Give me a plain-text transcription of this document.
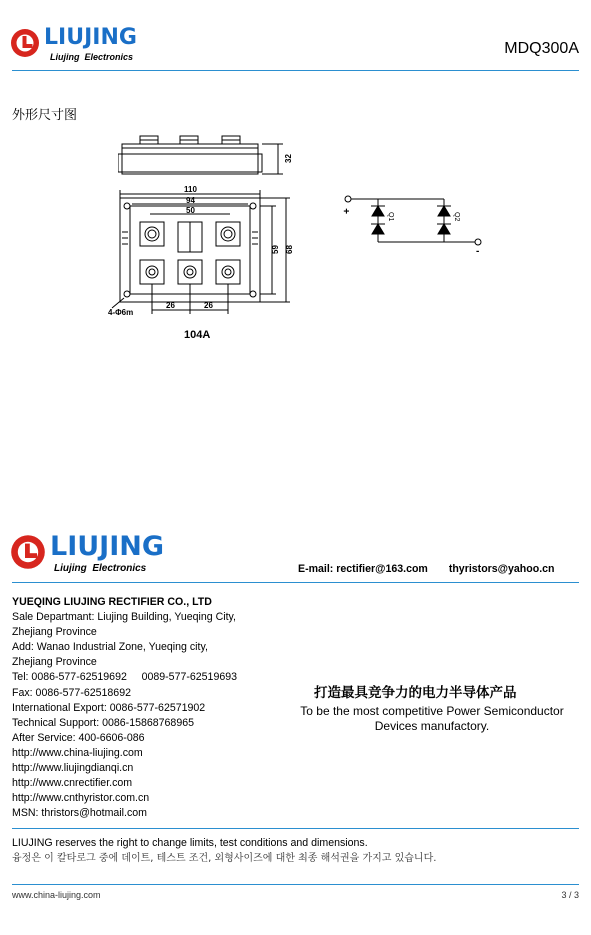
LIUJING
Liujing  Electronics	MDQ300A
外形尺寸图
32
110
94
50
59 68
4-Φ6m
26	26
104A
+
-
Q1	Q2
LIUJING
Liujing  Electronics	E-mail: rectifier@163.com thyristors@yahoo.cn
YUEQING LIUJING RECTIFIER CO., LTD
Sale Departmant: Liujing Building, Yueqing City,
Zhejiang Province
Add: Wanao Industrial Zone, Yueqing city,
Zhejiang Province
Tel: 0086-577-62519692     0089-577-62519693
Fax: 0086-577-62518692
International Export: 0086-577-62571902
Technical Support: 0086-15868768965
After Service: 400-6606-086
http://www.china-liujing.com
http://www.liujingdianqi.cn
http://www.cnrectifier.com
http://www.cnthyristor.com.cn
MSN: thristors@hotmail.com
打造最具竞争力的电力半导体产品
To be the most competitive Power Semiconductor Devices manufactory.
LIUJING reserves the right to change limits, test conditions and dimensions.
융정은 이 칼타로그 중에 데이트, 테스트 조건, 외형사이즈에 대한 최종 해석권을 가지고 있습니다.
www.china-liujing.com	3 / 3
